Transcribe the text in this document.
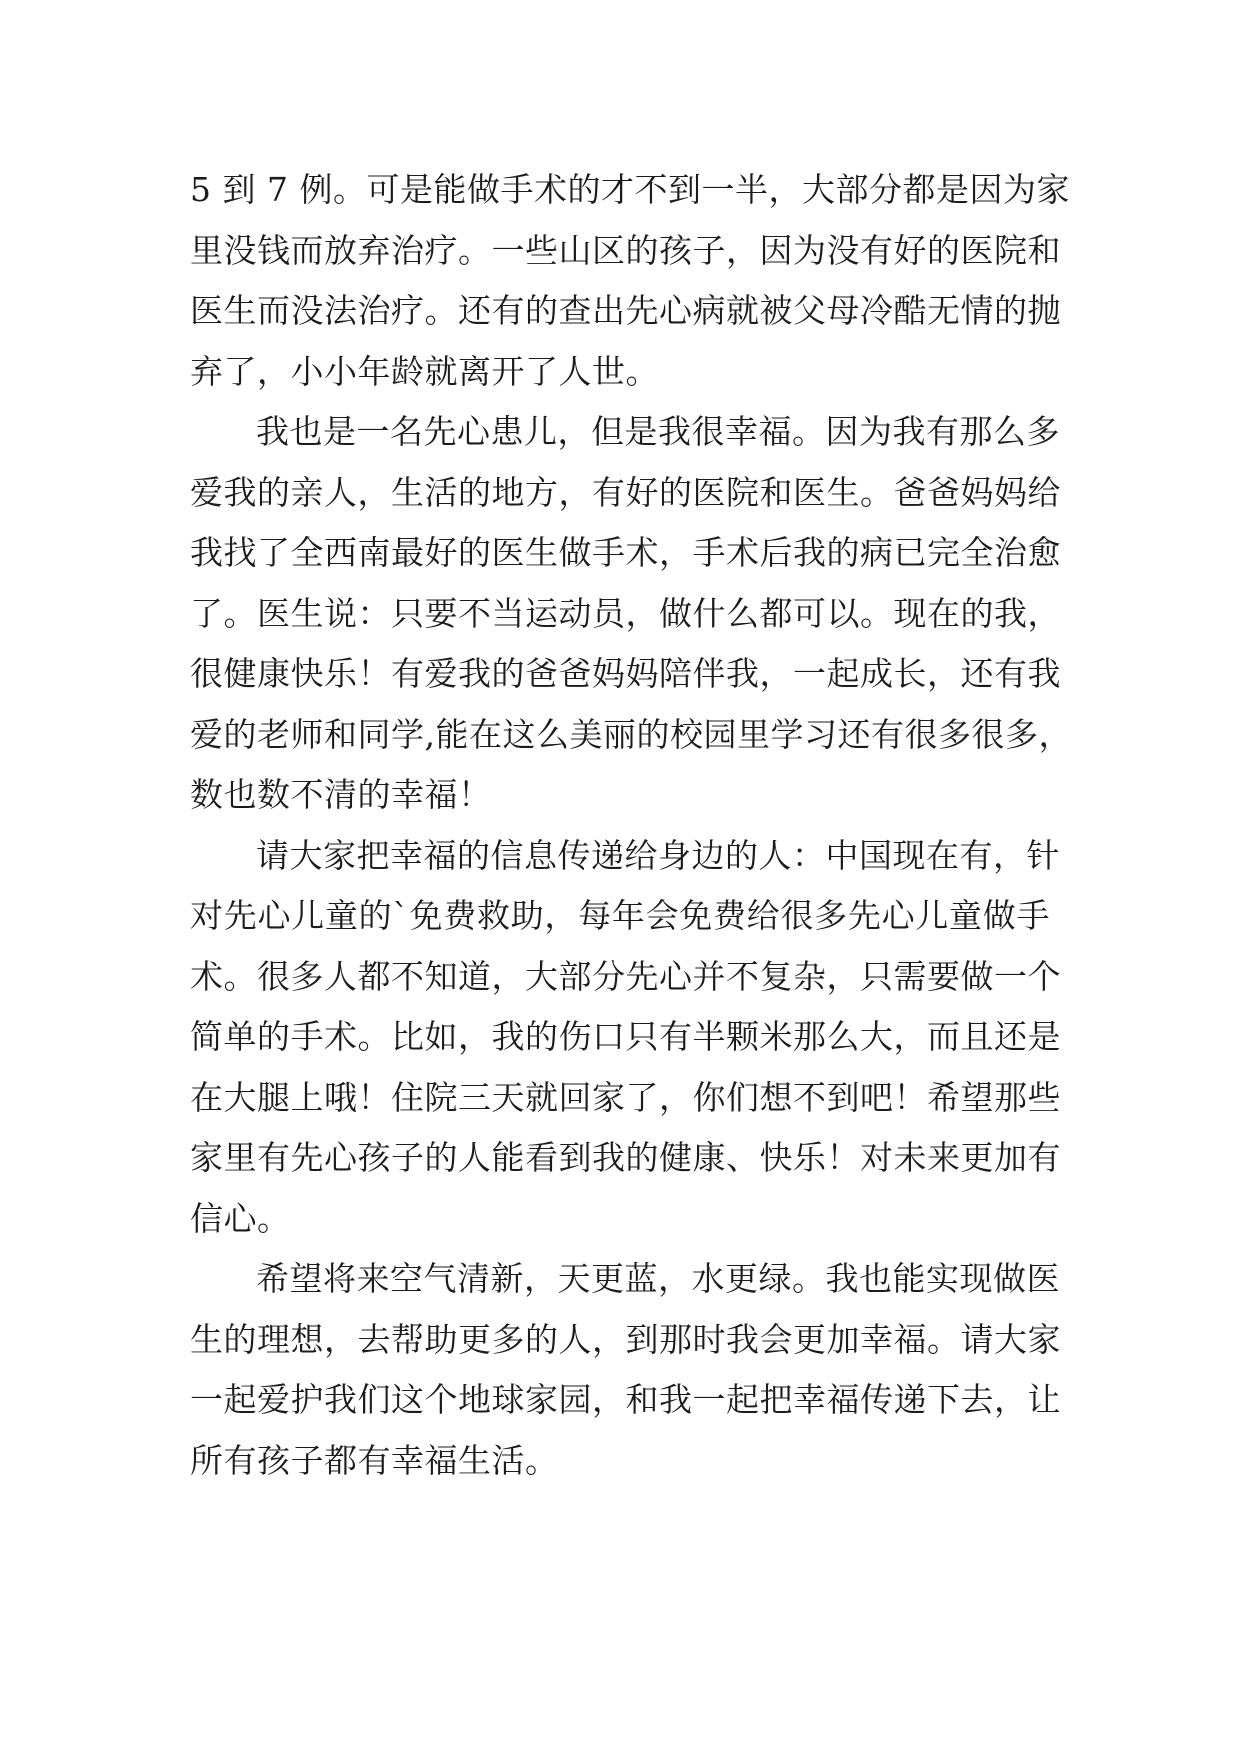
5 到 7 例。可是能做手术的才不到一半，大部分都是因为家
里没钱而放弃治疗。一些山区的孩子，因为没有好的医院和
医生而没法治疗。还有的查出先心病就被父母冷酷无情的抛
弃了，小小年龄就离开了人世。
我也是一名先心患儿，但是我很幸福。因为我有那么多
爱我的亲人，生活的地方，有好的医院和医生。爸爸妈妈给
我找了全西南最好的医生做手术，手术后我的病已完全治愈
了。医生说：只要不当运动员，做什么都可以。现在的我，
很健康快乐！有爱我的爸爸妈妈陪伴我，一起成长，还有我
爱的老师和同学,能在这么美丽的校园里学习还有很多很多，
数也数不清的幸福！
请大家把幸福的信息传递给身边的人：中国现在有，针
对先心儿童的`免费救助，每年会免费给很多先心儿童做手
术。很多人都不知道，大部分先心并不复杂，只需要做一个
简单的手术。比如，我的伤口只有半颗米那么大，而且还是
在大腿上哦！住院三天就回家了，你们想不到吧！希望那些
家里有先心孩子的人能看到我的健康、快乐！对未来更加有
信心。
希望将来空气清新，天更蓝，水更绿。我也能实现做医
生的理想，去帮助更多的人，到那时我会更加幸福。请大家
一起爱护我们这个地球家园，和我一起把幸福传递下去，让
所有孩子都有幸福生活。
